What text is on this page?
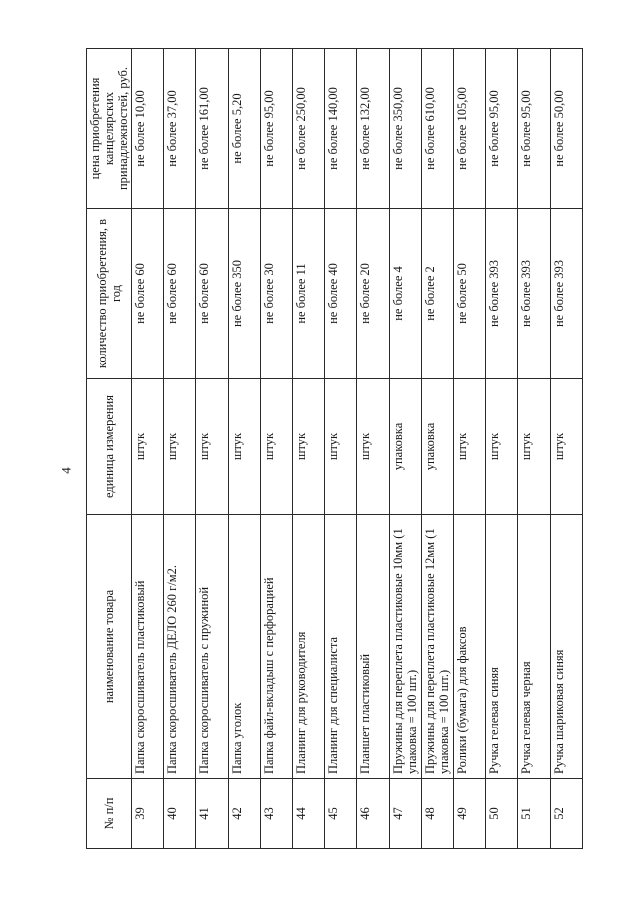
4
№ п/п	наименование товара	единица измерения	количество приобретения, в год	цена приобретения канцелярских принадлежностей, руб.
39	Папка скоросшиватель пластиковый	штук	не более 60	не более 10,00
40	Папка скоросшиватель ДЕЛО 260 г/м2.	штук	не более 60	не более 37,00
41	Папка скоросшиватель с пружиной	штук	не более 60	не более 161,00
42	Папка уголок	штук	не более 350	не более 5,20
43	Папка файл-вкладыш с перфорацией	штук	не более 30	не более 95,00
44	Планинг для руководителя	штук	не более 11	не более 250,00
45	Планинг для специалиста	штук	не более 40	не более 140,00
46	Планшет пластиковый	штук	не более 20	не более 132,00
47	Пружины для переплета пластиковые 10мм (1 упаковка = 100 шт.)	упаковка	не более 4	не более 350,00
48	Пружины для переплета пластиковые 12мм (1 упаковка = 100 шт.)	упаковка	не более 2	не более 610,00
49	Ролики (бумага) для факсов	штук	не более 50	не более 105,00
50	Ручка гелевая синяя	штук	не более 393	не более 95,00
51	Ручка гелевая черная	штук	не более 393	не более 95,00
52	Ручка шариковая синяя	штук	не более 393	не более 50,00
